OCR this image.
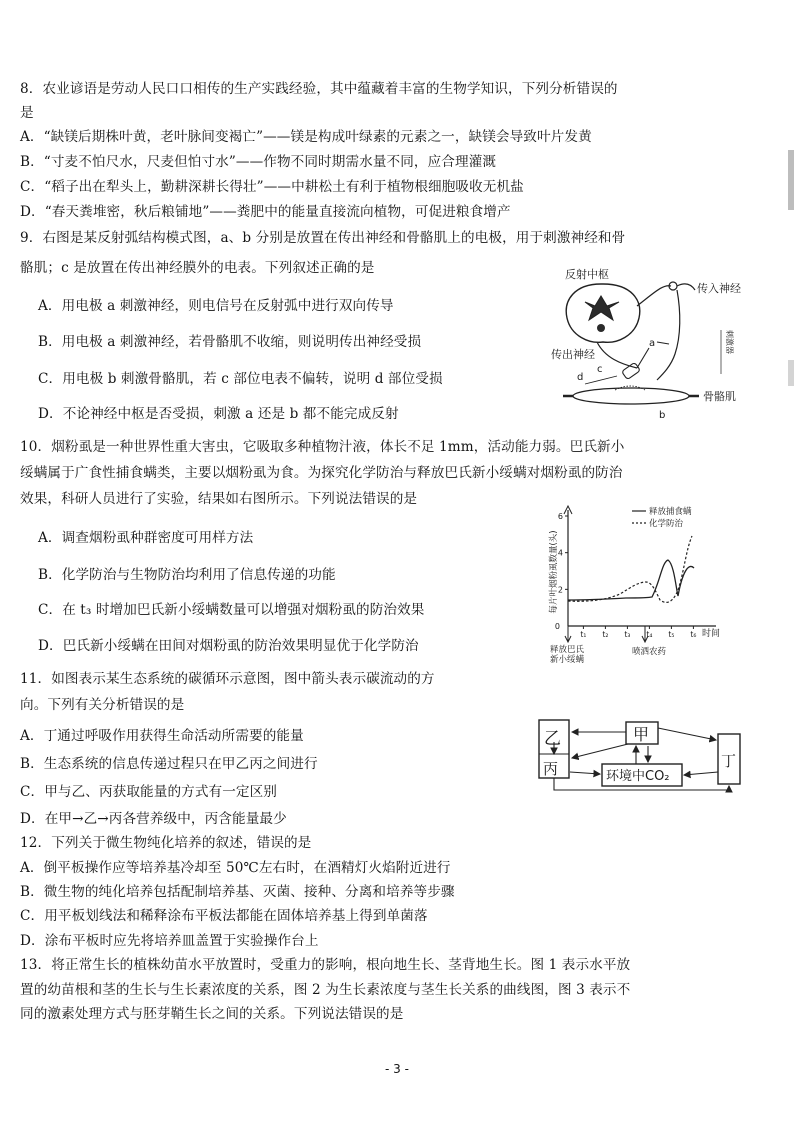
8．农业谚语是劳动人民口口相传的生产实践经验，其中蕴藏着丰富的生物学知识，下列分析错误的
是
A．“缺镁后期株叶黄，老叶脉间变褐亡”——镁是构成叶绿素的元素之一，缺镁会导致叶片发黄
B．“寸麦不怕尺水，尺麦但怕寸水”——作物不同时期需水量不同，应合理灌溉
C．“稻子出在犁头上，勤耕深耕长得壮”——中耕松土有利于植物根细胞吸收无机盐
D．“春天粪堆密，秋后粮铺地”——粪肥中的能量直接流向植物，可促进粮食增产
9．右图是某反射弧结构模式图，a、b 分别是放置在传出神经和骨骼肌上的电极，用于刺激神经和骨
骼肌；c 是放置在传出神经膜外的电表。下列叙述正确的是
A．用电极 a 刺激神经，则电信号在反射弧中进行双向传导
B．用电极 a 刺激神经，若骨骼肌不收缩，则说明传出神经受损
C．用电极 b 刺激骨骼肌，若 c 部位电表不偏转，说明 d 部位受损
D．不论神经中枢是否受损，刺激 a 还是 b 都不能完成反射
反射中枢
传入神经
传出神经
a
c
d
骨骼肌
b
刺激器
10．烟粉虱是一种世界性重大害虫，它吸取多种植物汁液，体长不足 1mm，活动能力弱。巴氏新小
绥螨属于广食性捕食螨类，主要以烟粉虱为食。为探究化学防治与释放巴氏新小绥螨对烟粉虱的防治
效果，科研人员进行了实验，结果如右图所示。下列说法错误的是
A．调查烟粉虱种群密度可用样方法
B．化学防治与生物防治均利用了信息传递的功能
C．在 t₃ 时增加巴氏新小绥螨数量可以增强对烟粉虱的防治效果
D．巴氏新小绥螨在田间对烟粉虱的防治效果明显优于化学防治
每片叶烟粉虱数量(头)
0
时间
释放捕食螨
化学防治
2
4
6
t₁ t₂ t₃ t₄ t₅ t₆
释放巴氏
新小绥螨
喷洒农药
11．如图表示某生态系统的碳循环示意图，图中箭头表示碳流动的方
向。下列有关分析错误的是
A．丁通过呼吸作用获得生命活动所需要的能量
B．生态系统的信息传递过程只在甲乙丙之间进行
C．甲与乙、丙获取能量的方式有一定区别
D．在甲→乙→丙各营养级中，丙含能量最少
乙
丙
甲
环境中CO₂
丁
12．下列关于微生物纯化培养的叙述，错误的是
A．倒平板操作应等培养基冷却至 50℃左右时，在酒精灯火焰附近进行
B．微生物的纯化培养包括配制培养基、灭菌、接种、分离和培养等步骤
C．用平板划线法和稀释涂布平板法都能在固体培养基上得到单菌落
D．涂布平板时应先将培养皿盖置于实验操作台上
13．将正常生长的植株幼苗水平放置时，受重力的影响，根向地生长、茎背地生长。图 1 表示水平放
置的幼苗根和茎的生长与生长素浓度的关系，图 2 为生长素浓度与茎生长关系的曲线图，图 3 表示不
同的激素处理方式与胚芽鞘生长之间的关系。下列说法错误的是
- 3 -
